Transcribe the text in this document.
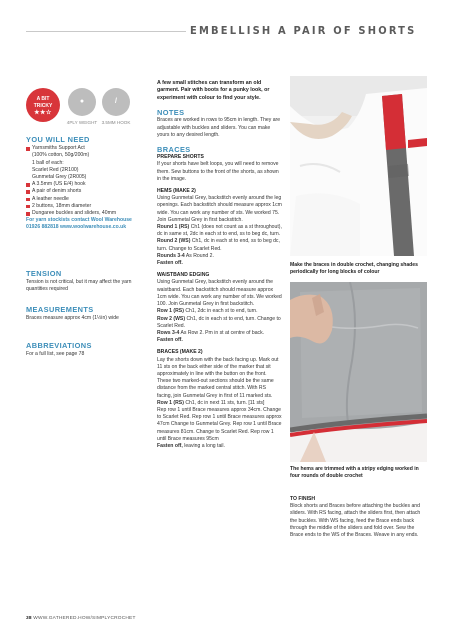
EMBELLISH A PAIR OF SHORTS
A BIT
TRICKY
★★☆
●
4PLY WEIGHT
/
3.5MM HOOK
YOU WILL NEED
Yarnsmiths Support Act
(100% cotton, 50g/200m)
1 ball of each:
Scarlet Red (2R100)
Gunmetal Grey (2R005)
A 3.5mm (US E/4) hook
A pair of denim shorts
A leather needle
2 buttons, 18mm diameter
Dungaree buckles and sliders, 40mm
For yarn stockists contact Wool Warehouse 01926 882818 www.woolwarehouse.co.uk
TENSION
Tension is not critical, but it may affect the yarn quantities required
MEASUREMENTS
Braces measure approx 4cm (1½in) wide
ABBREVIATIONS
For a full list, see page 78
A few small stitches can transform an old garment. Pair with boots for a punky look, or experiment with colour to find your style.
NOTES
Braces are worked in rows to 95cm in length. They are adjustable with buckles and sliders. You can make yours to any desired length.
BRACES
PREPARE SHORTS
If your shorts have belt loops, you will need to remove them. Sew buttons to the front of the shorts, as shown in the image.
HEMS (MAKE 2)
Using Gunmetal Grey, backstitch evenly around the leg openings. Each backstitch should measure approx 1cm wide. You can work any number of sts. We worked 75. Join Gunmetal Grey in first backstitch.
Round 1 (RS) Ch1 (does not count as a st throughout), dc in same st, 2dc in each st to end, ss to beg dc, turn.
Round 2 (WS) Ch1, dc in each st to end, ss to beg dc, turn. Change to Scarlet Red.
Rounds 3-4 As Round 2.
Fasten off.
WAISTBAND EDGING
Using Gunmetal Grey, backstitch evenly around the waistband. Each backstitch should measure approx 1cm wide. You can work any number of sts. We worked 100. Join Gunmetal Grey in first backstitch.
Row 1 (RS) Ch1, 2dc in each st to end, turn.
Row 2 (WS) Ch1, dc in each st to end, turn. Change to Scarlet Red.
Rows 3-4 As Row 2. Pm in st at centre of back.
Fasten off.
BRACES (MAKE 2)
Lay the shorts down with the back facing up. Mark out 11 sts on the back either side of the marker that sit approximately in line with the button on the front. These two marked-out sections should be the same distance from the marked central stitch. With RS facing, join Gunmetal Grey in first of 11 marked sts.
Row 1 (RS) Ch1, dc in next 11 sts, turn. [11 sts]
Rep row 1 until Brace measures approx 34cm. Change to Scarlet Red. Rep row 1 until Brace measures approx 47cm Change to Gunmetal Grey. Rep row 1 until Brace measures 81cm. Change to Scarlet Red. Rep row 1 until Brace measures 95cm
Fasten off, leaving a long tail.
Make the braces in double crochet, changing shades periodically for long blocks of colour
The hems are trimmed with a stripy edging worked in four rounds of double crochet
TO FINISH
Block shorts and Braces before attaching the buckles and sliders. With RS facing, attach the sliders first, then attach the buckles. With WS facing, feed the Brace ends back through the middle of the sliders and fold over. Sew the Brace ends to the WS of the Braces. Weave in any ends.
38 WWW.GATHERED.HOW/SIMPLYCROCHET
